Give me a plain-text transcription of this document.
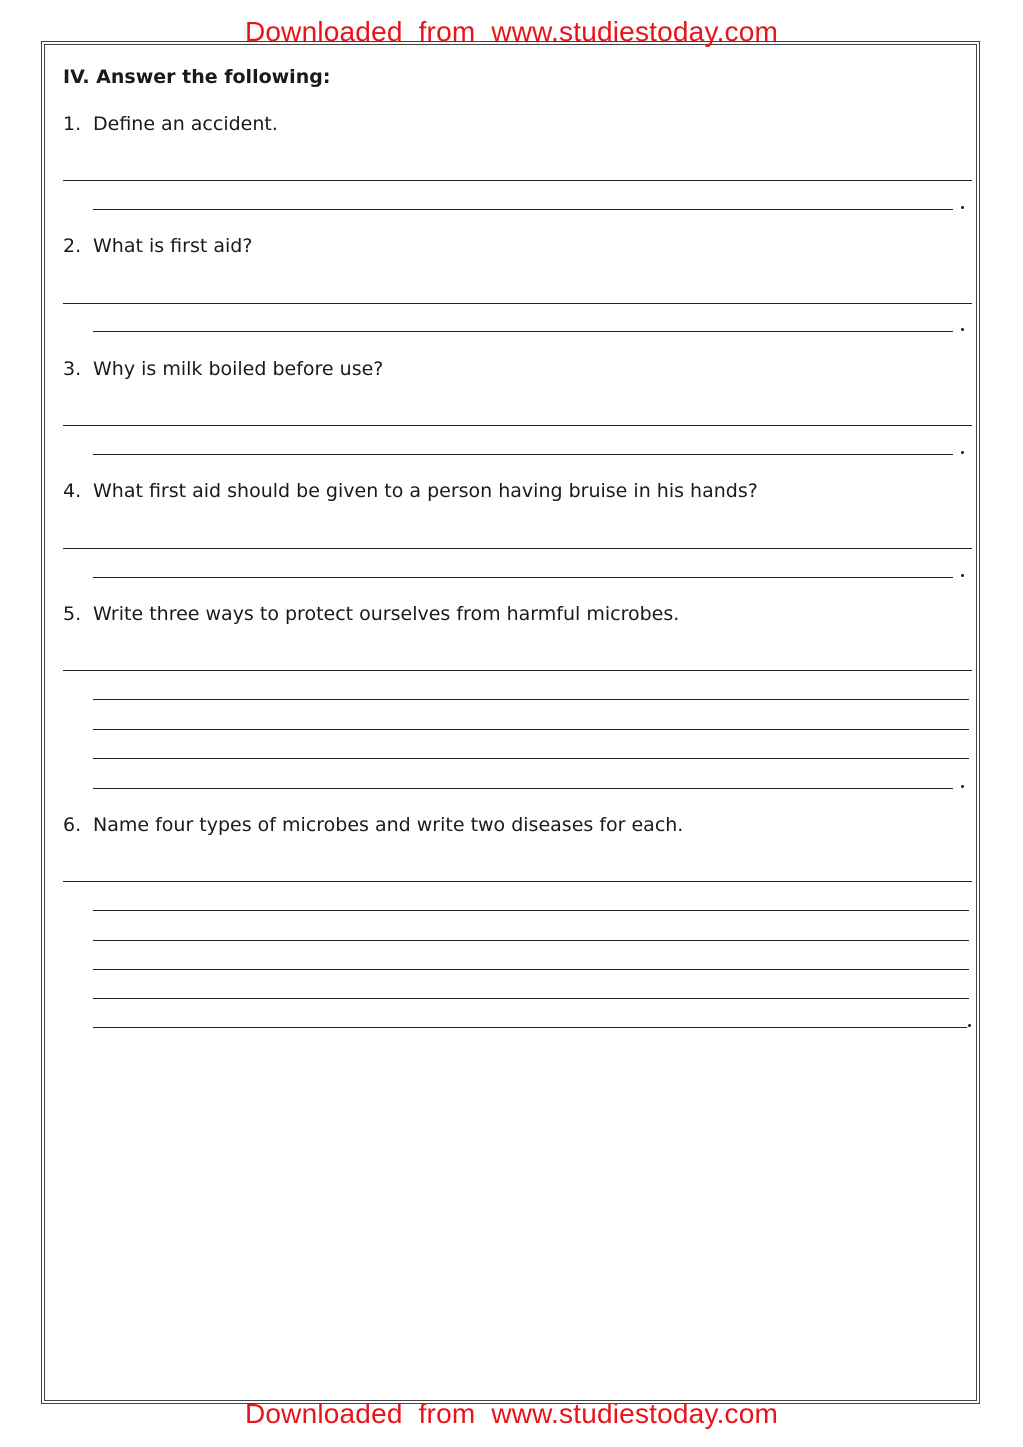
Downloaded  from  www.studiestoday.com
IV. Answer the following:
1. Define an accident.
2. What is first aid?
3. Why is milk boiled before use?
4. What first aid should be given to a person having bruise in his hands?
5. Write three ways to protect ourselves from harmful microbes.
6. Name four types of microbes and write two diseases for each.
Downloaded  from  www.studiestoday.com
